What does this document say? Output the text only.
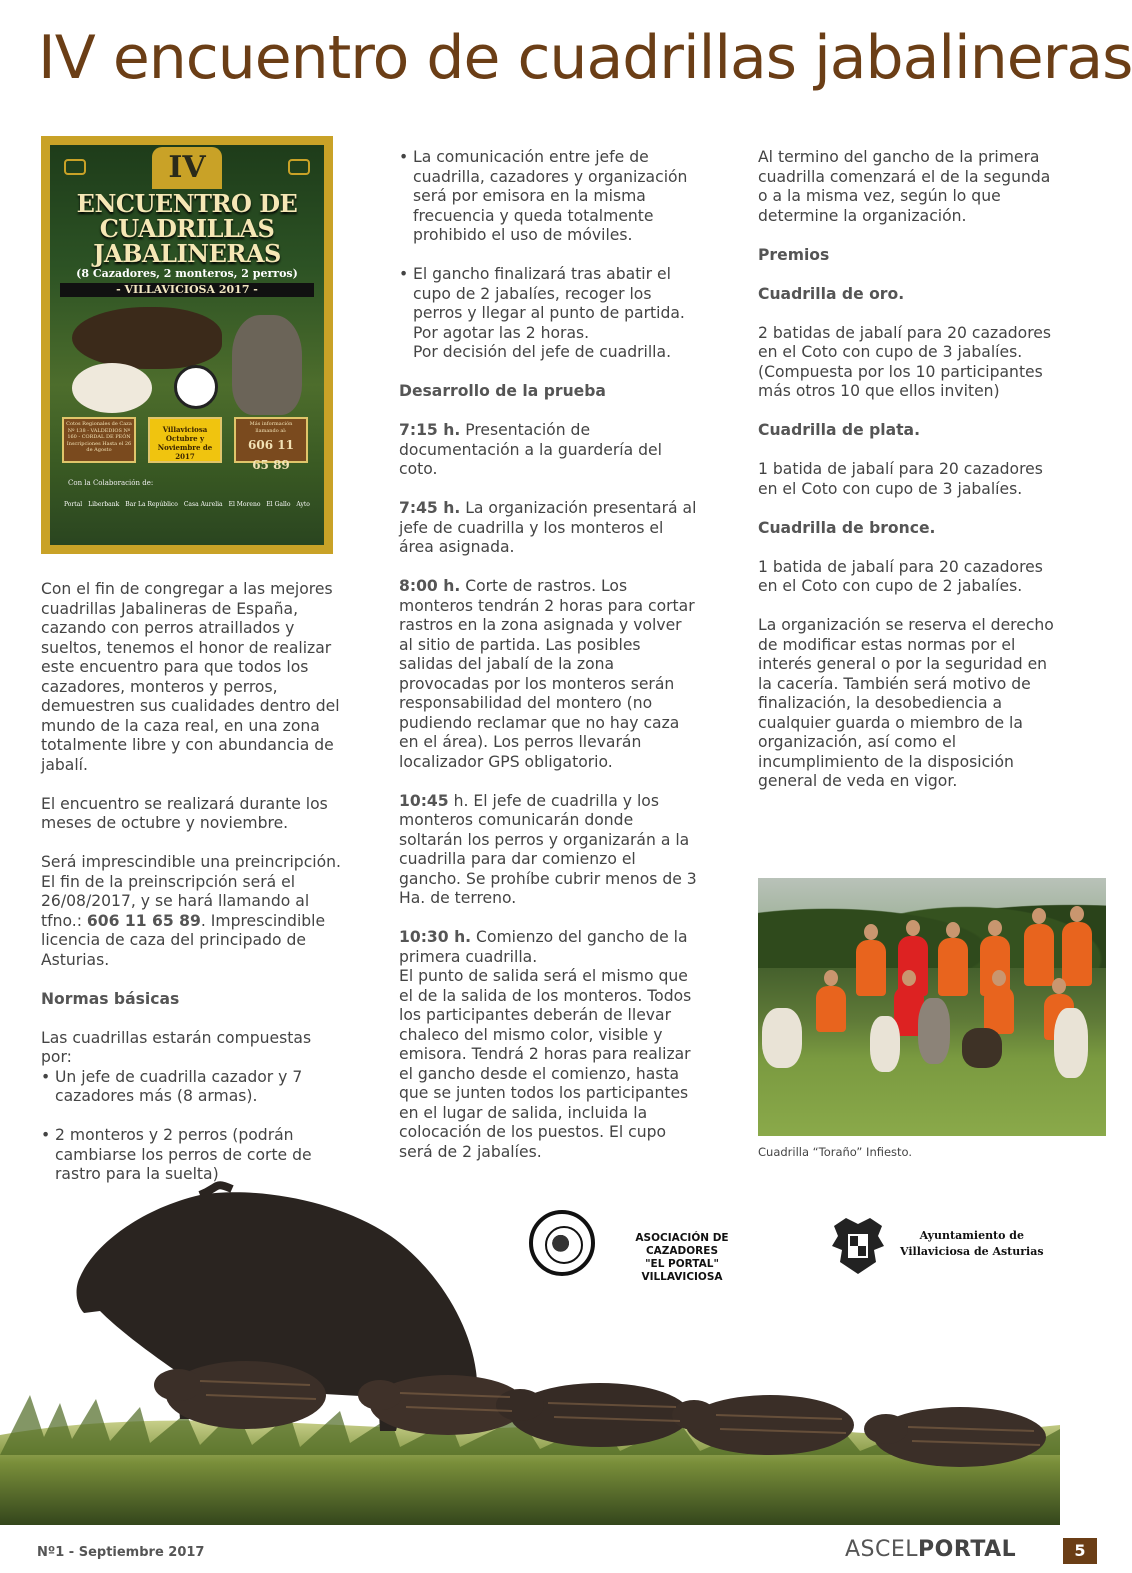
IV encuentro de cuadrillas jabalineras
IV
ENCUENTRO DE
CUADRILLAS
JABALINERAS
(8 Cazadores, 2 monteros, 2 perros)
- VILLAVICIOSA 2017 -
Cotos Regionales de Caza Nº 138 - VALDEDIOS Nº 160 - CORDAL DE PEÓN Inscripciones Hasta el 26 de Agosto
Villaviciosa
Octubre y Noviembre de 2017
Más información llamando al:
606 11 65 89
Con la Colaboración de:
Portal Liberbank Bar La Repúblico Casa Aurelia El Moreno El Gallo Ayto

Con el fin de congregar a las mejores cuadrillas Jabalineras de España, cazando con perros atraillados y sueltos, tenemos el honor de realizar este encuentro para que todos los cazadores, monteros y perros, demuestren sus cualidades dentro del mundo de la caza real, en una zona totalmente libre y con abundancia de jabalí.

El encuentro se realizará durante los meses de octubre y noviembre.

Será imprescindible una preincripción. El fin de la preinscripción será el 26/08/2017, y se hará llamando al tfno.: 606 11 65 89. Imprescindible licencia de caza del principado de Asturias.

Normas básicas

Las cuadrillas estarán compuestas por:
• Un jefe de cuadrilla cazador y 7 cazadores más (8 armas).
• 2 monteros y 2 perros (podrán cambiarse los perros de corte de rastro para la suelta)
• La comunicación entre jefe de cuadrilla, cazadores y organización será por emisora en la misma frecuencia y queda totalmente prohibido el uso de móviles.
• El gancho finalizará tras abatir el cupo de 2 jabalíes, recoger los perros y llegar al punto de partida.
Por agotar las 2 horas.
Por decisión del jefe de cuadrilla.

Desarrollo de la prueba

7:15 h. Presentación de documentación a la guardería del coto.

7:45 h. La organización presentará al jefe de cuadrilla y los monteros el área asignada.

8:00 h. Corte de rastros. Los monteros tendrán 2 horas para cortar rastros en la zona asignada y volver al sitio de partida. Las posibles salidas del jabalí de la zona provocadas por los monteros serán responsabilidad del montero (no pudiendo reclamar que no hay caza en el área). Los perros llevarán localizador GPS obligatorio.

10:45 h. El jefe de cuadrilla y los monteros comunicarán donde soltarán los perros y organizarán a la cuadrilla para dar comienzo el gancho. Se prohíbe cubrir menos de 3 Ha. de terreno.

10:30 h. Comienzo del gancho de la primera cuadrilla.
El punto de salida será el mismo que el de la salida de los monteros. Todos los participantes deberán de llevar chaleco del mismo color, visible y emisora. Tendrá 2 horas para realizar el gancho desde el comienzo, hasta que se junten todos los participantes en el lugar de salida, incluida la colocación de los puestos. El cupo será de 2 jabalíes.

Al termino del gancho de la primera cuadrilla comenzará el de la segunda o a la misma vez, según lo que determine la organización.

Premios

Cuadrilla de oro.

2 batidas de jabalí para 20 cazadores en el Coto con cupo de 3 jabalíes. (Compuesta por los 10 participantes más otros 10 que ellos inviten)

Cuadrilla de plata.

1 batida de jabalí para 20 cazadores en el Coto con cupo de 3 jabalíes.

Cuadrilla de bronce.

1 batida de jabalí para 20 cazadores en el Coto con cupo de 2 jabalíes.

La organización se reserva el derecho de modificar estas normas por el interés general o por la seguridad en la cacería. También será motivo de finalización, la desobediencia a cualquier guarda o miembro de la organización, así como el incumplimiento de la disposición general de veda en vigor.

Cuadrilla “Toraño” Infiesto.
ASOCIACIÓN DE CAZADORES
"EL PORTAL" VILLAVICIOSA
Ayuntamiento de
Villaviciosa de Asturias
Nº1 - Septiembre 2017	ASCELPORTAL	5
